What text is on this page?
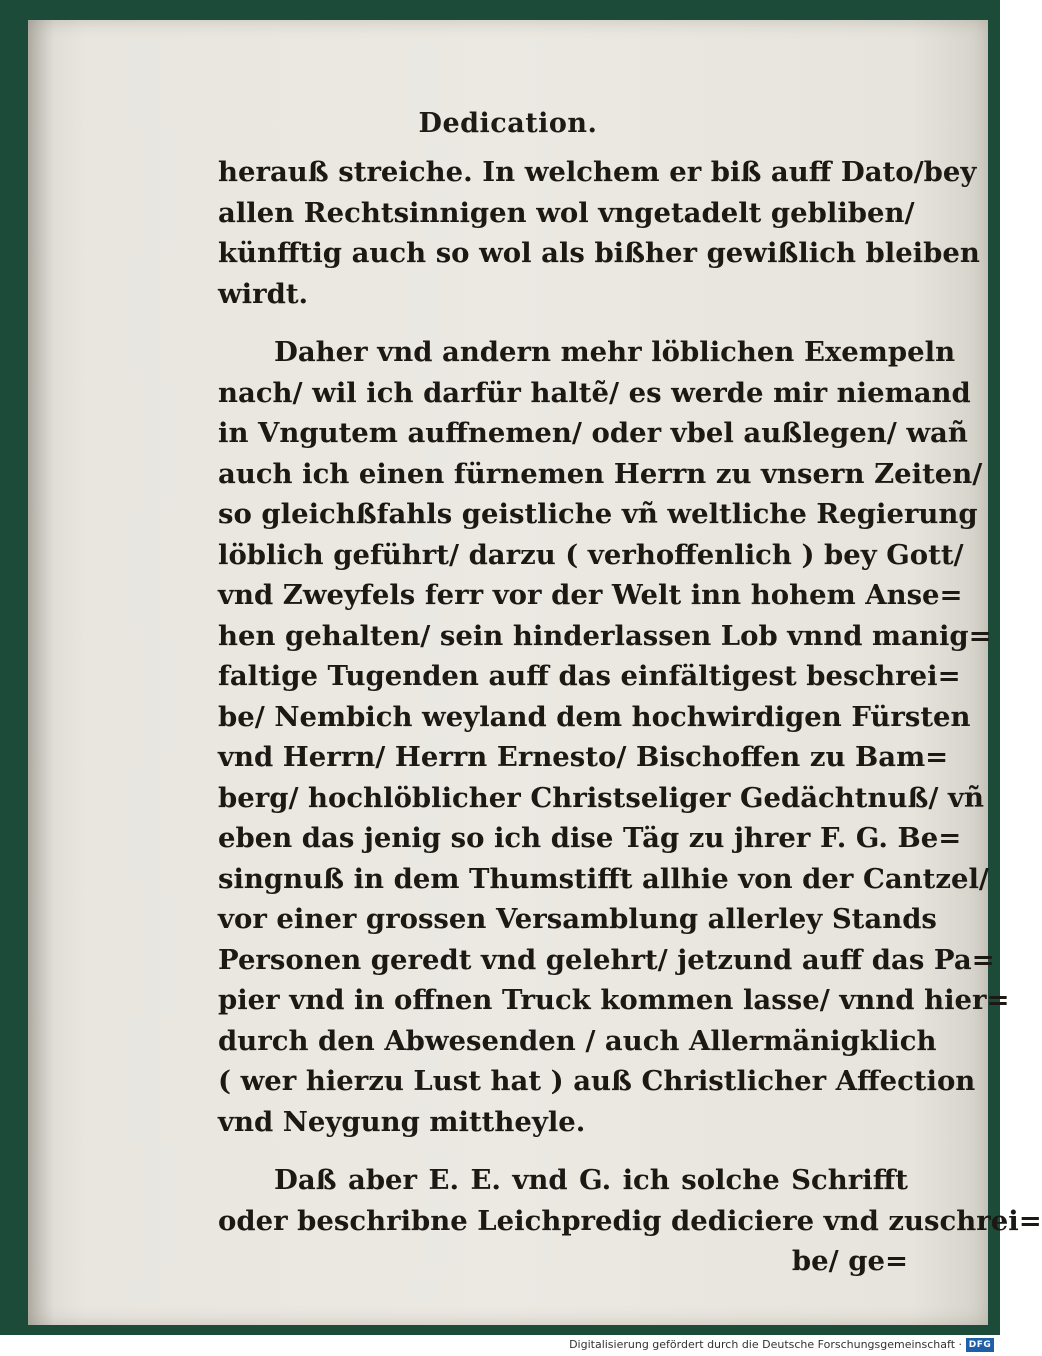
Dedication.
herauß streiche. In welchem er biß auff Dato/bey
allen Rechtsinnigen wol vngetadelt gebliben/
künfftig auch so wol als bißher gewißlich bleiben
wirdt.
Daher vnd andern mehr löblichen Exempeln
nach/ wil ich darfür haltẽ/ es werde mir niemand
in Vngutem auffnemen/ oder vbel außlegen/ wañ
auch ich einen fürnemen Herrn zu vnsern Zeiten/
so gleichßfahls geistliche vñ weltliche Regierung
löblich geführt/ darzu ( verhoffenlich ) bey Gott/
vnd Zweyfels ferr vor der Welt inn hohem Anse=
hen gehalten/ sein hinderlassen Lob vnnd manig=
faltige Tugenden auff das einfältigest beschrei=
be/ Nembich weyland dem hochwirdigen Fürsten
vnd Herrn/ Herrn Ernesto/ Bischoffen zu Bam=
berg/ hochlöblicher Christseliger Gedächtnuß/ vñ
eben das jenig so ich dise Täg zu jhrer F. G. Be=
singnuß in dem Thumstifft allhie von der Cantzel/
vor einer grossen Versamblung allerley Stands
Personen geredt vnd gelehrt/ jetzund auff das Pa=
pier vnd in offnen Truck kommen lasse/ vnnd hier=
durch den Abwesenden / auch Allermänigklich
( wer hierzu Lust hat ) auß Christlicher Affection
vnd Neygung mittheyle.
Daß aber E. E. vnd G. ich solche Schrifft
oder beschribne Leichpredig dediciere vnd zuschrei=
be/ ge=
Digitalisierung gefördert durch die Deutsche Forschungsgemeinschaft · DFG
